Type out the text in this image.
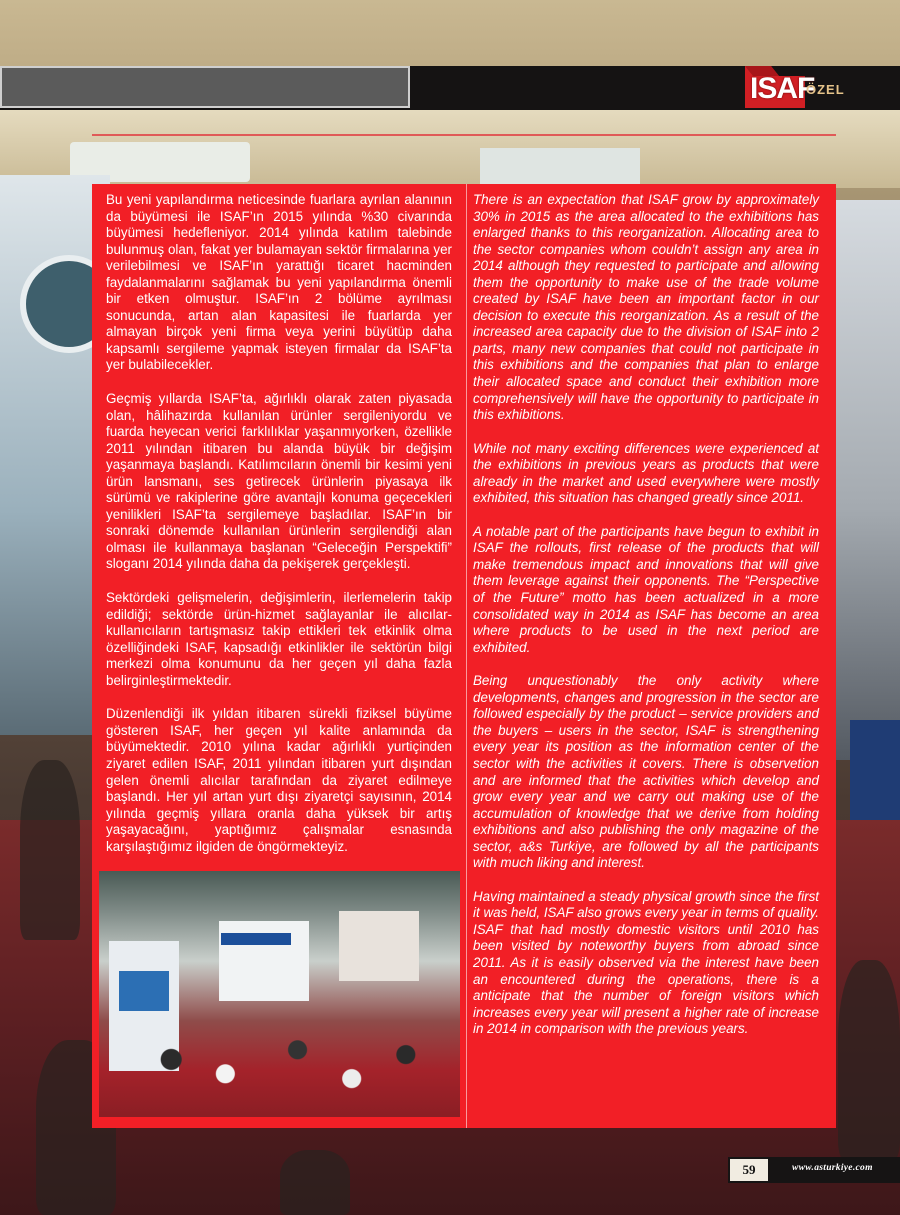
ISAF
ÖZEL

Bu yeni yapılandırma neticesinde fuarlara ayrılan alanının da büyümesi ile ISAF’ın 2015 yılında %30 civarında büyümesi hedefleniyor. 2014 yılında katılım talebinde bulunmuş olan, fakat yer bulamayan sektör firmalarına yer verilebilmesi ve ISAF’ın yarattığı ticaret hacminden faydalanmalarını sağlamak bu yeni yapılandırma önemli bir etken olmuştur. ISAF’ın 2 bölüme ayrılması sonucunda, artan alan kapasitesi ile fuarlarda yer almayan birçok yeni firma veya yerini büyütüp daha kapsamlı sergileme yapmak isteyen firmalar da ISAF’ta yer bulabilecekler.

Geçmiş yıllarda ISAF’ta, ağırlıklı olarak zaten piyasada olan, hâlihazırda kullanılan ürünler sergileniyordu ve fuarda heyecan verici farklılıklar yaşanmıyorken, özellikle 2011 yılından itibaren bu alanda büyük bir değişim yaşanmaya başlandı. Katılımcıların önemli bir kesimi yeni ürün lansmanı, ses getirecek ürünlerin piyasaya ilk sürümü ve rakiplerine göre avantajlı konuma geçecekleri yenilikleri ISAF’ta sergilemeye başladılar. ISAF’ın bir sonraki dönemde kullanılan ürünlerin sergilendiği alan olması ile kullanmaya başlanan “Geleceğin Perspektifi” sloganı 2014 yılında daha da pekişerek gerçekleşti.

Sektördeki gelişmelerin, değişimlerin, ilerlemelerin takip edildiği; sektörde ürün-hizmet sağlayanlar ile alıcılar-kullanıcıların tartışmasız takip ettikleri tek etkinlik olma özelliğindeki ISAF, kapsadığı etkinlikler ile sektörün bilgi merkezi olma konumunu da her geçen yıl daha fazla belirginleştirmektedir.

Düzenlendiği ilk yıldan itibaren sürekli fiziksel büyüme gösteren ISAF, her geçen yıl kalite anlamında da büyümektedir. 2010 yılına kadar ağırlıklı yurtiçinden ziyaret edilen ISAF, 2011 yılından itibaren yurt dışından gelen önemli alıcılar tarafından da ziyaret edilmeye başlandı. Her yıl artan yurt dışı ziyaretçi sayısının, 2014 yılında geçmiş yıllara oranla daha yüksek bir artış yaşayacağını, yaptığımız çalışmalar esnasında karşılaştığımız ilgiden de öngörmekteyiz.

There is an expectation that ISAF grow by approximately 30% in 2015 as the area allocated to the exhibitions has enlarged thanks to this reorganization. Allocating area to the sector companies whom couldn’t assign any area in 2014 although they requested to participate and allowing them the opportunity to make use of the trade volume created by ISAF have been an important factor in our decision to execute this reorganization. As a result of the increased area capacity due to the division of ISAF into 2 parts, many new companies that could not participate in this exhibitions and the companies that plan to enlarge their allocated space and conduct their exhibition more comprehensively will have the opportunity to participate in this exhibitions.

While not many exciting differences were experienced at the exhibitions in previous years as products that were already in the market and used everywhere were mostly exhibited, this situation has changed greatly since 2011.

A notable part of the participants have begun to exhibit in ISAF the rollouts, first release of the products that will make tremendous impact and innovations that will give them leverage against their opponents. The “Perspective of the Future” motto has been actualized in a more consolidated way in 2014 as ISAF has become an area where products to be used in the next period are exhibited.

Being unquestionably the only activity where developments, changes and progression in the sector are followed especially by the product – service providers and the buyers – users in the sector, ISAF is strengthening every year its position as the information center of the sector with the activities it covers. There is observetion and are informed that the activities which develop and grow every year and we carry out making use of the accumulation of knowledge that we derive from holding exhibitions and also publishing the only magazine of the sector, a&s Turkiye, are followed by all the participants with much liking and interest.

Having maintained a steady physical growth since the first it was held, ISAF also grows every year in terms of quality. ISAF that had mostly domestic visitors until 2010 has been visited by noteworthy buyers from abroad since 2011. As it is easily observed via the interest have been an encountered during the operations, there is a anticipate that the number of foreign visitors which increases every year will present a higher rate of increase in 2014 in comparison with the previous years.

59	www.asturkiye.com
